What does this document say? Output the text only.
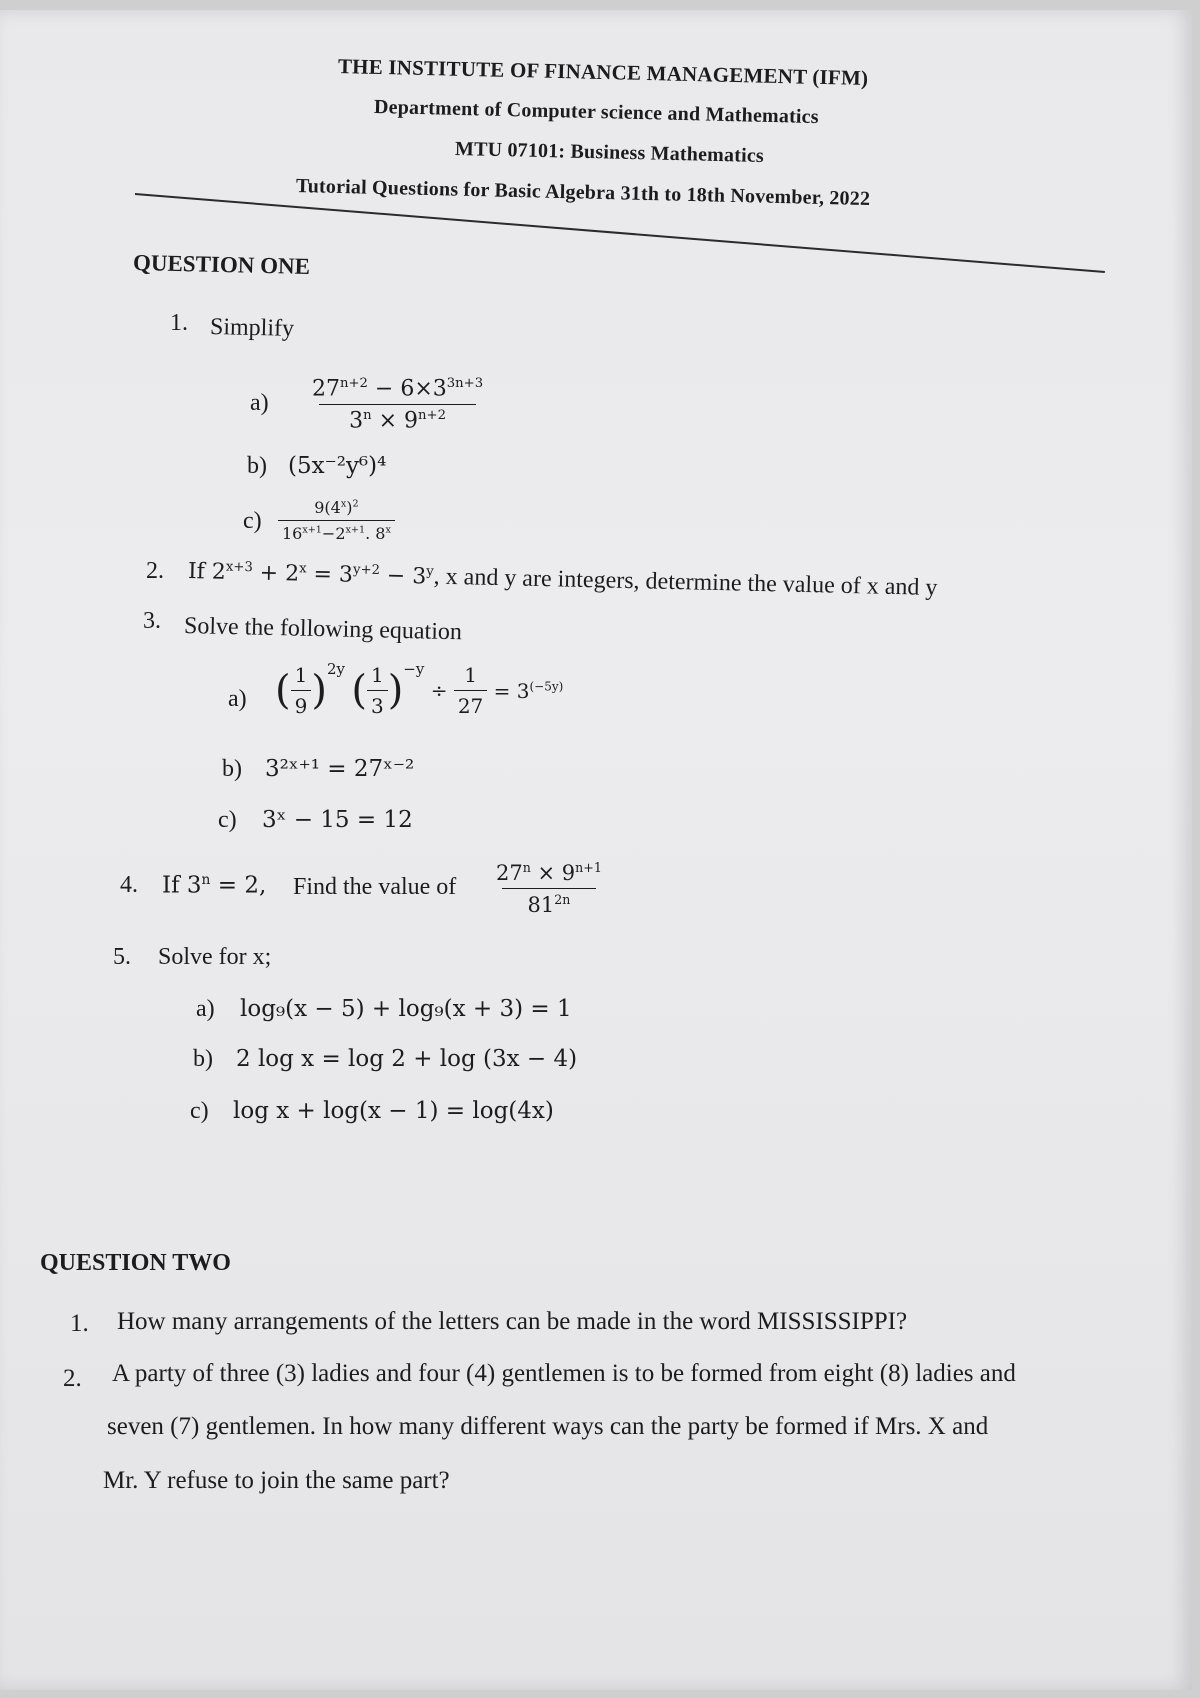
THE INSTITUTE OF FINANCE MANAGEMENT (IFM)
Department of Computer science and Mathematics
MTU 07101: Business Mathematics
Tutorial Questions for Basic Algebra 31th to 18th November, 2022
QUESTION ONE
1. Simplify
$a) \frac{27^{n+2} - 6\times 3^{3n+3}}{3^n \times 9^{n+2}}$
b) (5x⁻²y⁶)⁴
$c) \frac{9(4^x)^2}{16^{x+1}-2^{x+1}. 8^x}$
2. If $2^{x+3} + 2^x = 3^{y+2} - 3^y$, x and y are integers, determine the value of x and y
3. Solve the following equation
a) ( $\frac{1}{9} )^{2y}$ ( $\frac{1}{3} )^{-y} \div \frac{1}{27} = 3^{(-5y)}$
b) 3²ˣ⁺¹ = 27ˣ⁻²
c) 3ˣ − 15 = 12
4. If $3^n = 2$, Find the value of $\frac{27^n \times 9^{n+1}}{81^{2n}}$
5. Solve for x;
a) log₉(x − 5) + log₉(x + 3) = 1
b) 2 log x = log 2 + log (3x − 4)
c) log x + log(x − 1) = log(4x)
QUESTION TWO
1. How many arrangements of the letters can be made in the word MISSISSIPPI?
2. A party of three (3) ladies and four (4) gentlemen is to be formed from eight (8) ladies and
seven (7) gentlemen. In how many different ways can the party be formed if Mrs. X and
Mr. Y refuse to join the same part?
